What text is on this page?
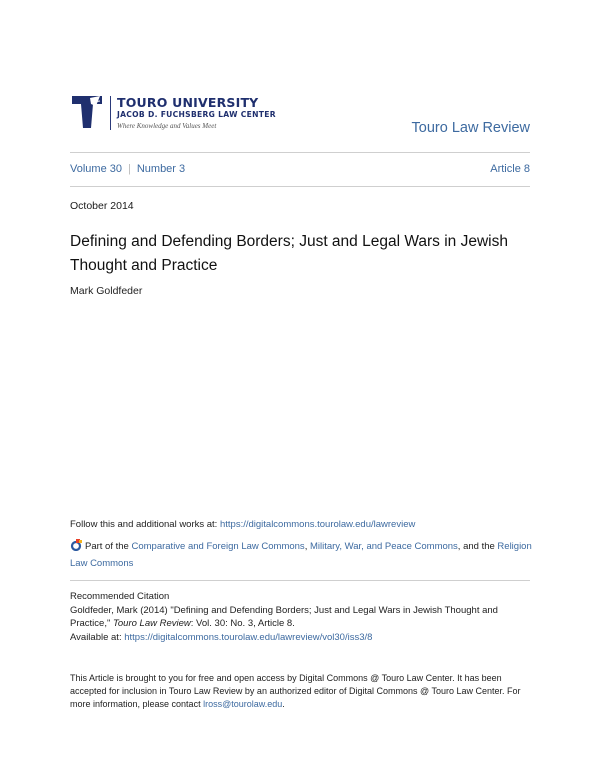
TOURO UNIVERSITY
JACOB D. FUCHSBERG LAW CENTER
Where Knowledge and Values Meet	Touro Law Review
Volume 30 | Number 3	Article 8
October 2014
Defining and Defending Borders; Just and Legal Wars in Jewish Thought and Practice
Mark Goldfeder
Follow this and additional works at: https://digitalcommons.tourolaw.edu/lawreview
Part of the Comparative and Foreign Law Commons, Military, War, and Peace Commons, and the Religion Law Commons
Recommended Citation
Goldfeder, Mark (2014) "Defining and Defending Borders; Just and Legal Wars in Jewish Thought and Practice," Touro Law Review: Vol. 30: No. 3, Article 8.
Available at: https://digitalcommons.tourolaw.edu/lawreview/vol30/iss3/8
This Article is brought to you for free and open access by Digital Commons @ Touro Law Center. It has been accepted for inclusion in Touro Law Review by an authorized editor of Digital Commons @ Touro Law Center. For more information, please contact lross@tourolaw.edu.
